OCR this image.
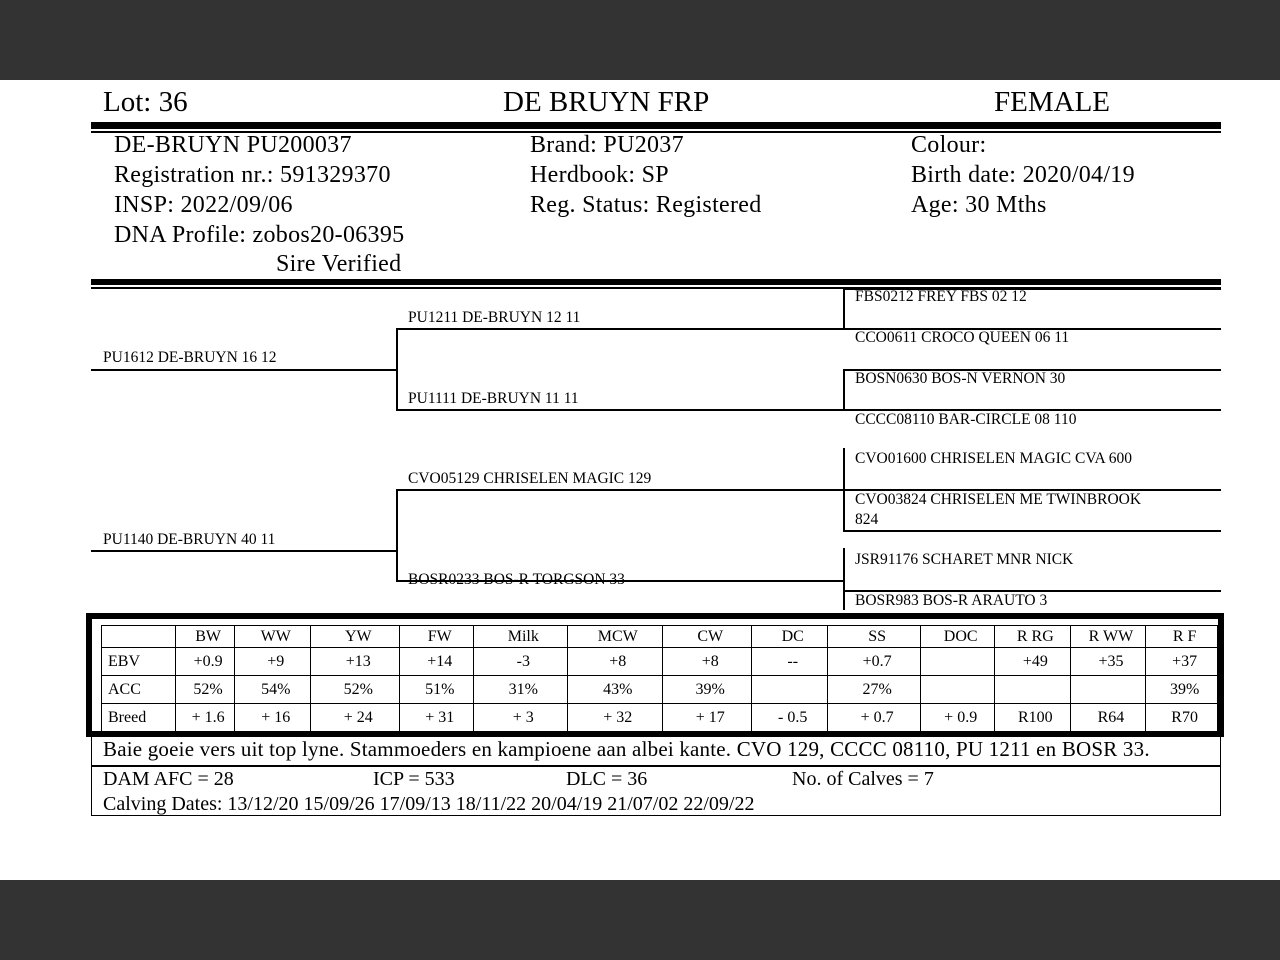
Lot: 36	DE BRUYN FRP	FEMALE
DE-BRUYN PU200037
Registration nr.: 591329370
INSP: 2022/09/06
DNA Profile: zobos20-06395
Sire Verified
Brand: PU2037
Herdbook: SP
Reg. Status: Registered
Colour:
Birth date: 2020/04/19
Age: 30 Mths
PU1612 DE-BRUYN 16 12
PU1140 DE-BRUYN 40 11
PU1211 DE-BRUYN 12 11
PU1111 DE-BRUYN 11 11
CVO05129 CHRISELEN MAGIC 129
BOSR0233 BOS-R TORGSON 33
FBS0212 FREY FBS 02 12
CCO0611 CROCO QUEEN 06 11
BOSN0630 BOS-N VERNON 30
CCCC08110 BAR-CIRCLE 08 110
CVO01600 CHRISELEN MAGIC CVA 600
CVO03824 CHRISELEN ME TWINBROOK
824
JSR91176 SCHARET MNR NICK
BOSR983 BOS-R ARAUTO 3
	BW	WW	YW	FW	Milk	MCW	CW	DC	SS	DOC	R RG	R WW	R F
EBV	+0.9	+9	+13	+14	-3	+8	+8	--	+0.7		+49	+35	+37
ACC	52%	54%	52%	51%	31%	43%	39%		27%				39%
Breed	+ 1.6	+ 16	+ 24	+ 31	+ 3	+ 32	+ 17	- 0.5	+ 0.7	+ 0.9	R100	R64	R70
Baie goeie vers uit top lyne. Stammoeders en kampioene aan albei kante. CVO 129, CCCC 08110, PU 1211 en BOSR 33.
DAM AFC = 28	ICP = 533	DLC = 36	No. of Calves = 7
Calving Dates: 13/12/20 15/09/26 17/09/13 18/11/22 20/04/19 21/07/02 22/09/22
